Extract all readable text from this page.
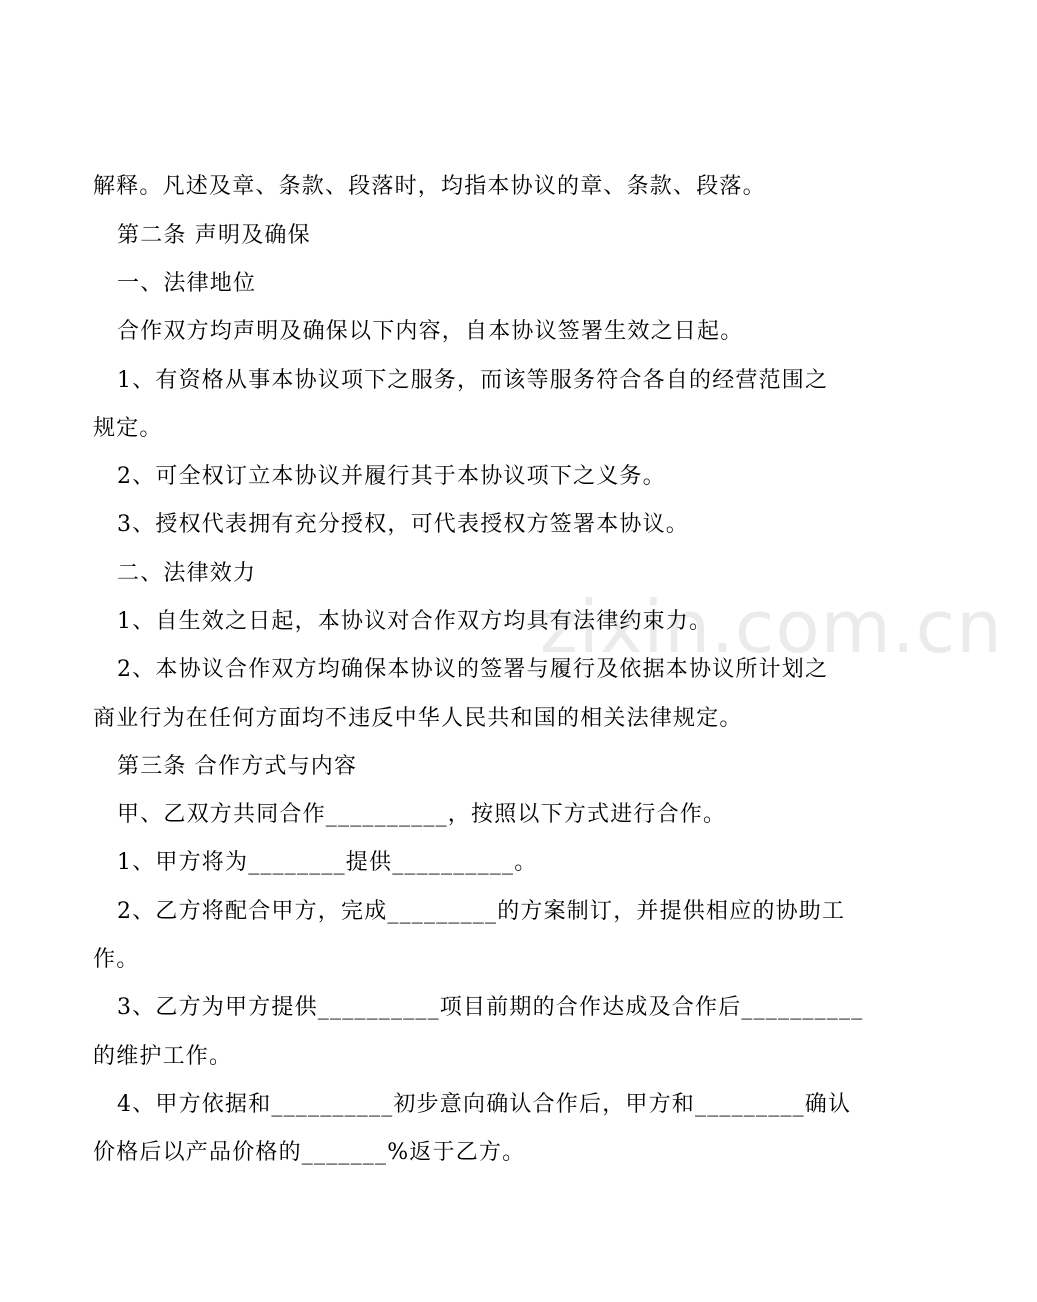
zixin.com.cn
解释。凡述及章、条款、段落时，均指本协议的章、条款、段落。
第二条 声明及确保
一、法律地位
合作双方均声明及确保以下内容，自本协议签署生效之日起。
1、有资格从事本协议项下之服务，而该等服务符合各自的经营范围之
规定。
2、可全权订立本协议并履行其于本协议项下之义务。
3、授权代表拥有充分授权，可代表授权方签署本协议。
二、法律效力
1、自生效之日起，本协议对合作双方均具有法律约束力。
2、本协议合作双方均确保本协议的签署与履行及依据本协议所计划之
商业行为在任何方面均不违反中华人民共和国的相关法律规定。
第三条 合作方式与内容
甲、乙双方共同合作__________，按照以下方式进行合作。
1、甲方将为________提供__________。
2、乙方将配合甲方，完成_________的方案制订，并提供相应的协助工
作。
3、乙方为甲方提供__________项目前期的合作达成及合作后__________
的维护工作。
4、甲方依据和__________初步意向确认合作后，甲方和_________确认
价格后以产品价格的_______%返于乙方。
